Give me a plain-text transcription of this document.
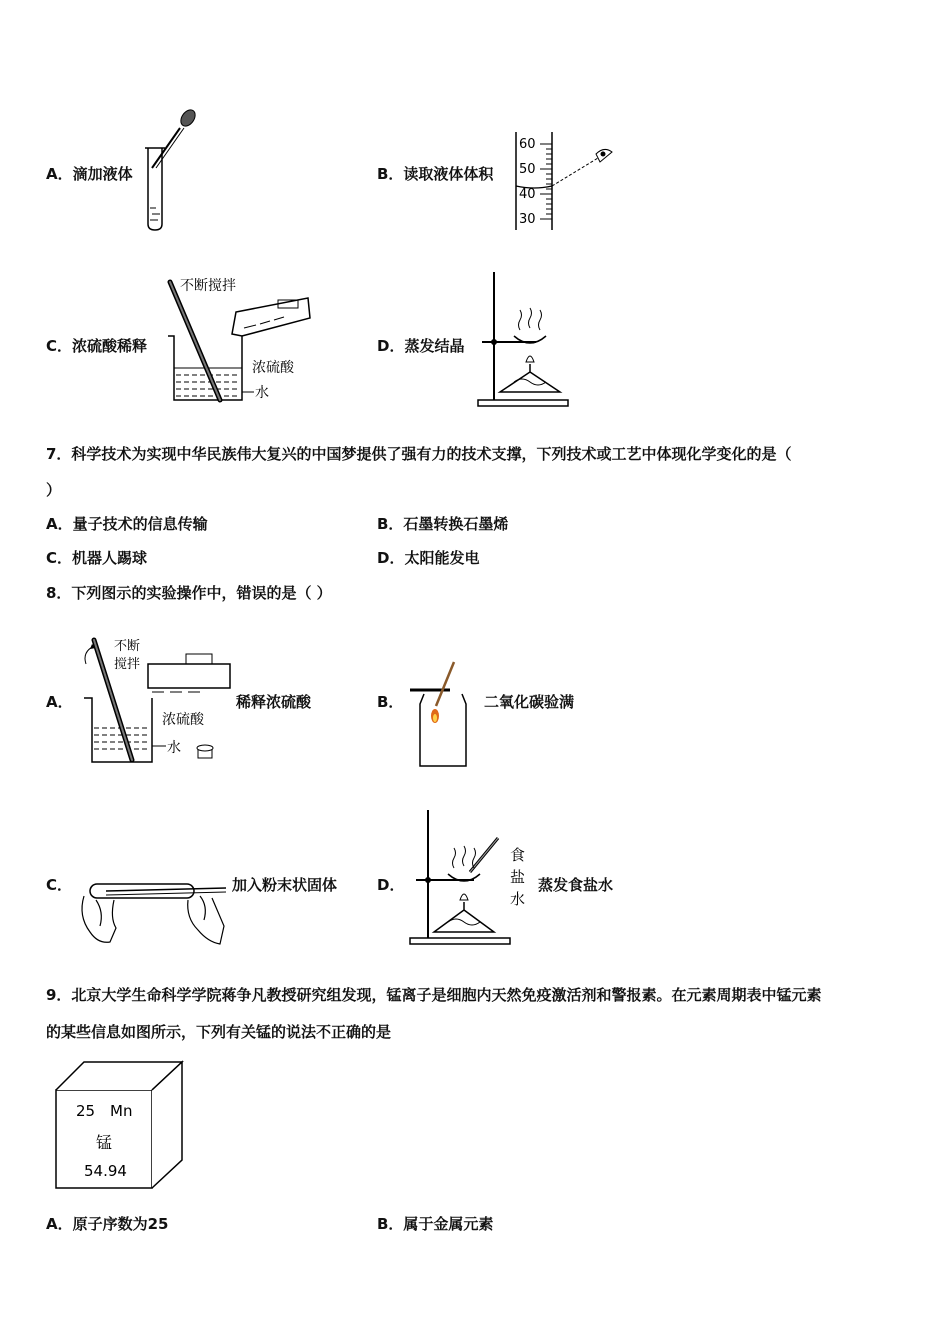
A．滴加液体	B．读取液体体积
60
50
40
30
C．浓硫酸稀释
不断搅拌
浓硫酸
水
D．蒸发结晶
7．科学技术为实现中华民族伟大复兴的中国梦提供了强有力的技术支撑，下列技术或工艺中体现化学变化的是（
）
A．量子技术的信息传输	B．石墨转换石墨烯
C．机器人踢球	D．太阳能发电
8．下列图示的实验操作中，错误的是（ ）
A．
不断
搅拌
浓硫酸
水
稀释浓硫酸	B．	二氧化碳验满
C．	加入粉末状固体	D．
食
盐
水
蒸发食盐水
9．北京大学生命科学学院蒋争凡教授研究组发现，锰离子是细胞内天然免疫激活剂和警报素。在元素周期表中锰元素
的某些信息如图所示，下列有关锰的说法不正确的是
25 Mn
锰
54.94
A．原子序数为25	B．属于金属元素
